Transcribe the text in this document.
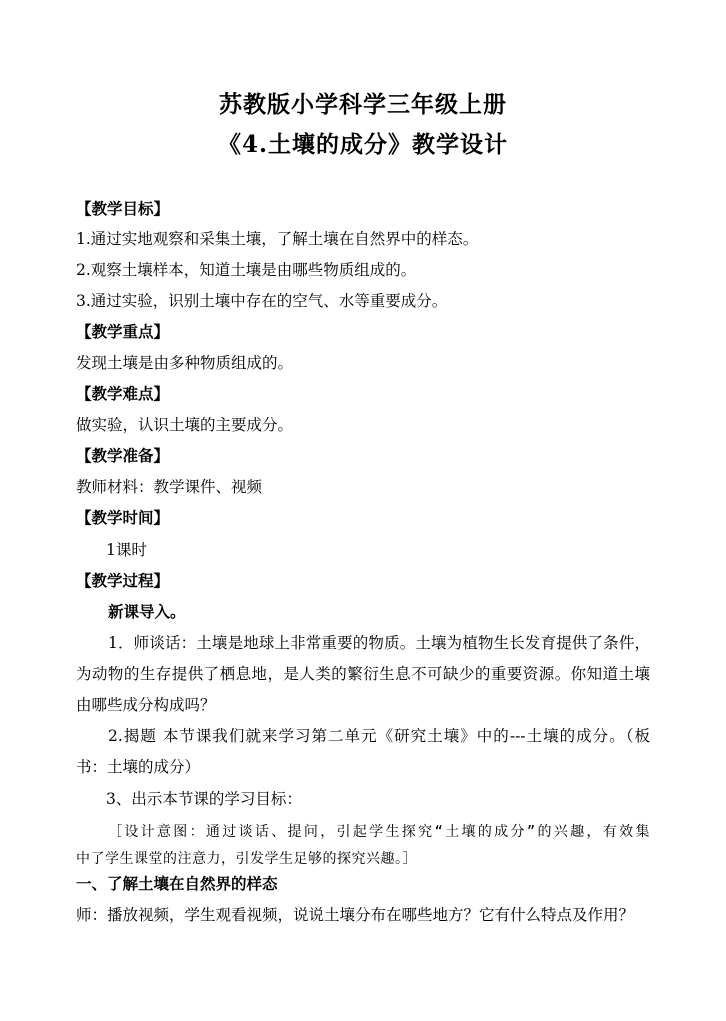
苏教版小学科学三年级上册
《4.土壤的成分》教学设计
【教学目标】
1.通过实地观察和采集土壤，了解土壤在自然界中的样态。
2.观察土壤样本，知道土壤是由哪些物质组成的。
3.通过实验，识别土壤中存在的空气、水等重要成分。
【教学重点】
发现土壤是由多种物质组成的。
【教学难点】
做实验，认识土壤的主要成分。
【教学准备】
教师材料：教学课件、视频
【教学时间】
1课时
【教学过程】
新课导入。
1．师谈话：土壤是地球上非常重要的物质。土壤为植物生长发育提供了条件，
为动物的生存提供了栖息地，是人类的繁衍生息不可缺少的重要资源。你知道土壤
由哪些成分构成吗？
2.揭题 本节课我们就来学习第二单元《研究土壤》中的---土壤的成分。（板
书：土壤的成分）
3、出示本节课的学习目标：
［设计意图：通过谈话、提问，引起学生探究“土壤的成分”的兴趣，有效集
中了学生课堂的注意力，引发学生足够的探究兴趣。］
一、了解土壤在自然界的样态
师：播放视频，学生观看视频，说说土壤分布在哪些地方？它有什么特点及作用？
